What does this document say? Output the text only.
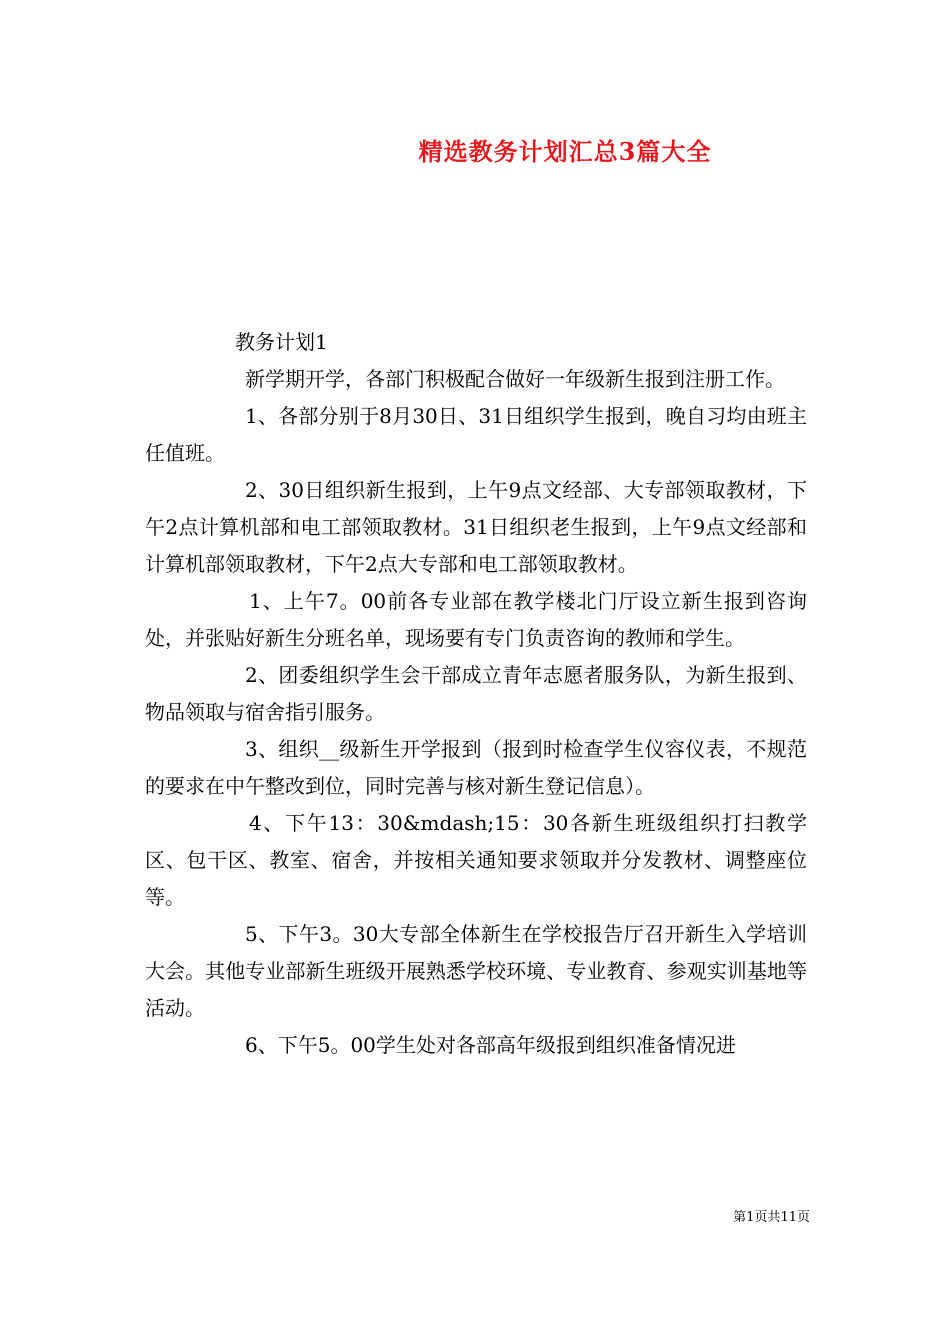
精选教务计划汇总3篇大全

教务计划1

新学期开学，各部门积极配合做好一年级新生报到注册工作。

1、各部分别于8月30日、31日组织学生报到，晚自习均由班主任值班。

2、30日组织新生报到，上午9点文经部、大专部领取教材，下午2点计算机部和电工部领取教材。31日组织老生报到，上午9点文经部和计算机部领取教材，下午2点大专部和电工部领取教材。

1、上午7。00前各专业部在教学楼北门厅设立新生报到咨询处，并张贴好新生分班名单，现场要有专门负责咨询的教师和学生。

2、团委组织学生会干部成立青年志愿者服务队，为新生报到、物品领取与宿舍指引服务。

3、组织__级新生开学报到（报到时检查学生仪容仪表，不规范的要求在中午整改到位，同时完善与核对新生登记信息）。

4、下午13：30&mdash;15：30各新生班级组织打扫教学区、包干区、教室、宿舍，并按相关通知要求领取并分发教材、调整座位等。

5、下午3。30大专部全体新生在学校报告厅召开新生入学培训大会。其他专业部新生班级开展熟悉学校环境、专业教育、参观实训基地等活动。

6、下午5。00学生处对各部高年级报到组织准备情况进

第1页共11页
